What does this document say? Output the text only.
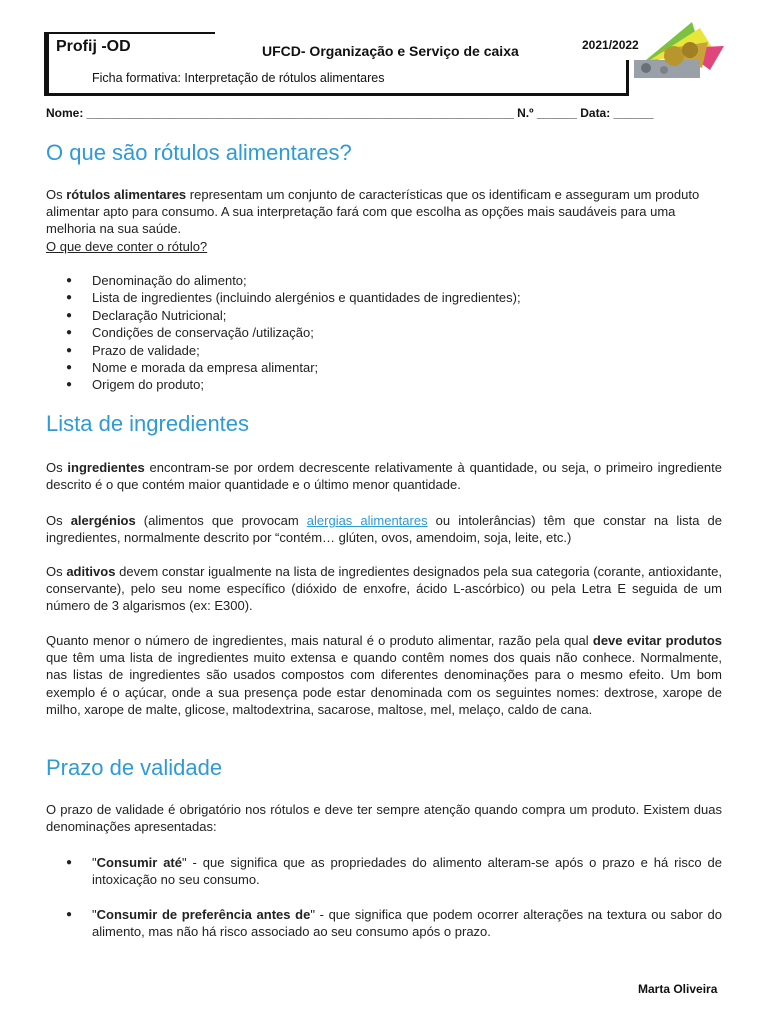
Profij -OD	UFCD- Organização e Serviço de caixa
Ficha formativa: Interpretação de rótulos alimentares
2021/2022
Nome: ________________________________________________________________ N.º ______ Data: ______
O que são rótulos alimentares?

Os rótulos alimentares representam um conjunto de características que os identificam e asseguram um produto alimentar apto para consumo. A sua interpretação fará com que escolha as opções mais saudáveis para uma melhoria na sua saúde.

O que deve conter o rótulo?

● Denominação do alimento;
● Lista de ingredientes (incluindo alergénios e quantidades de ingredientes);
● Declaração Nutricional;
● Condições de conservação /utilização;
● Prazo de validade;
● Nome e morada da empresa alimentar;
● Origem do produto;
Lista de ingredientes

Os ingredientes encontram-se por ordem decrescente relativamente à quantidade, ou seja, o primeiro ingrediente descrito é o que contém maior quantidade e o último menor quantidade.

Os alergénios (alimentos que provocam alergias alimentares ou intolerâncias) têm que constar na lista de ingredientes, normalmente descrito por “contém… glúten, ovos, amendoim, soja, leite, etc.)

Os aditivos devem constar igualmente na lista de ingredientes designados pela sua categoria (corante, antioxidante, conservante), pelo seu nome específico (dióxido de enxofre, ácido L-ascórbico) ou pela Letra E seguida de um número de 3 algarismos (ex: E300).

Quanto menor o número de ingredientes, mais natural é o produto alimentar, razão pela qual deve evitar produtos que têm uma lista de ingredientes muito extensa e quando contêm nomes dos quais não conhece. Normalmente, nas listas de ingredientes são usados compostos com diferentes denominações para o mesmo efeito. Um bom exemplo é o açúcar, onde a sua presença pode estar denominada com os seguintes nomes: dextrose, xarope de milho, xarope de malte, glicose, maltodextrina, sacarose, maltose, mel, melaço, caldo de cana.

Prazo de validade

O prazo de validade é obrigatório nos rótulos e deve ter sempre atenção quando compra um produto. Existem duas denominações apresentadas:

● "Consumir até" - que significa que as propriedades do alimento alteram-se após o prazo e há risco de intoxicação no seu consumo.
● "Consumir de preferência antes de" - que significa que podem ocorrer alterações na textura ou sabor do alimento, mas não há risco associado ao seu consumo após o prazo.
Marta Oliveira
